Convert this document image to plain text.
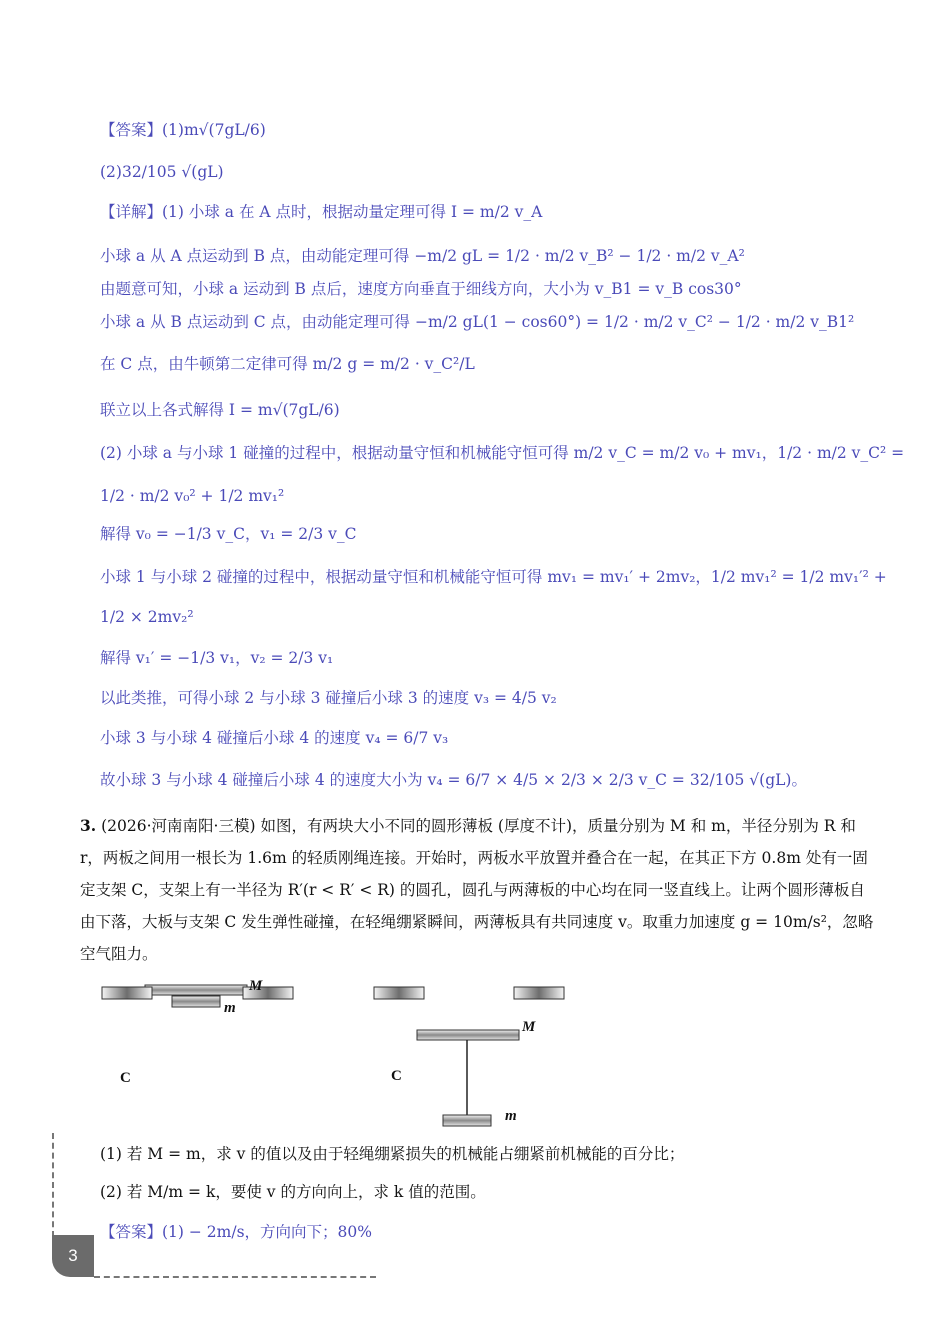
【答案】(1)m√(7gL/6)
(2)32/105 √(gL)
【详解】(1) 小球 a 在 A 点时，根据动量定理可得 I = m/2 v_A
小球 a 从 A 点运动到 B 点，由动能定理可得 −m/2 gL = 1/2 · m/2 v_B² − 1/2 · m/2 v_A²
由题意可知，小球 a 运动到 B 点后，速度方向垂直于细线方向，大小为 v_B1 = v_B cos30°
小球 a 从 B 点运动到 C 点，由动能定理可得 −m/2 gL(1 − cos60°) = 1/2 · m/2 v_C² − 1/2 · m/2 v_B1²
在 C 点，由牛顿第二定律可得 m/2 g = m/2 · v_C²/L
联立以上各式解得 I = m√(7gL/6)
(2) 小球 a 与小球 1 碰撞的过程中，根据动量守恒和机械能守恒可得 m/2 v_C = m/2 v₀ + mv₁，1/2 · m/2 v_C² =
1/2 · m/2 v₀² + 1/2 mv₁²
解得 v₀ = −1/3 v_C，v₁ = 2/3 v_C
小球 1 与小球 2 碰撞的过程中，根据动量守恒和机械能守恒可得 mv₁ = mv₁′ + 2mv₂，1/2 mv₁² = 1/2 mv₁′² +
1/2 × 2mv₂²
解得 v₁′ = −1/3 v₁，v₂ = 2/3 v₁
以此类推，可得小球 2 与小球 3 碰撞后小球 3 的速度 v₃ = 4/5 v₂
小球 3 与小球 4 碰撞后小球 4 的速度 v₄ = 6/7 v₃
故小球 3 与小球 4 碰撞后小球 4 的速度大小为 v₄ = 6/7 × 4/5 × 2/3 × 2/3 v_C = 32/105 √(gL)。
3. (2026·河南南阳·三模) 如图，有两块大小不同的圆形薄板 (厚度不计)，质量分别为 M 和 m，半径分别为 R 和 r，两板之间用一根长为 1.6m 的轻质刚绳连接。开始时，两板水平放置并叠合在一起，在其正下方 0.8m 处有一固定支架 C，支架上有一半径为 R′(r < R′ < R) 的圆孔，圆孔与两薄板的中心均在同一竖直线上。让两个圆形薄板自由下落，大板与支架 C 发生弹性碰撞，在轻绳绷紧瞬间，两薄板具有共同速度 v。取重力加速度 g = 10m/s²，忽略空气阻力。
M
m
C
M
C
m
(1) 若 M = m，求 v 的值以及由于轻绳绷紧损失的机械能占绷紧前机械能的百分比；
(2) 若 M/m = k，要使 v 的方向向上，求 k 值的范围。
【答案】(1) − 2m/s，方向向下；80%
3
